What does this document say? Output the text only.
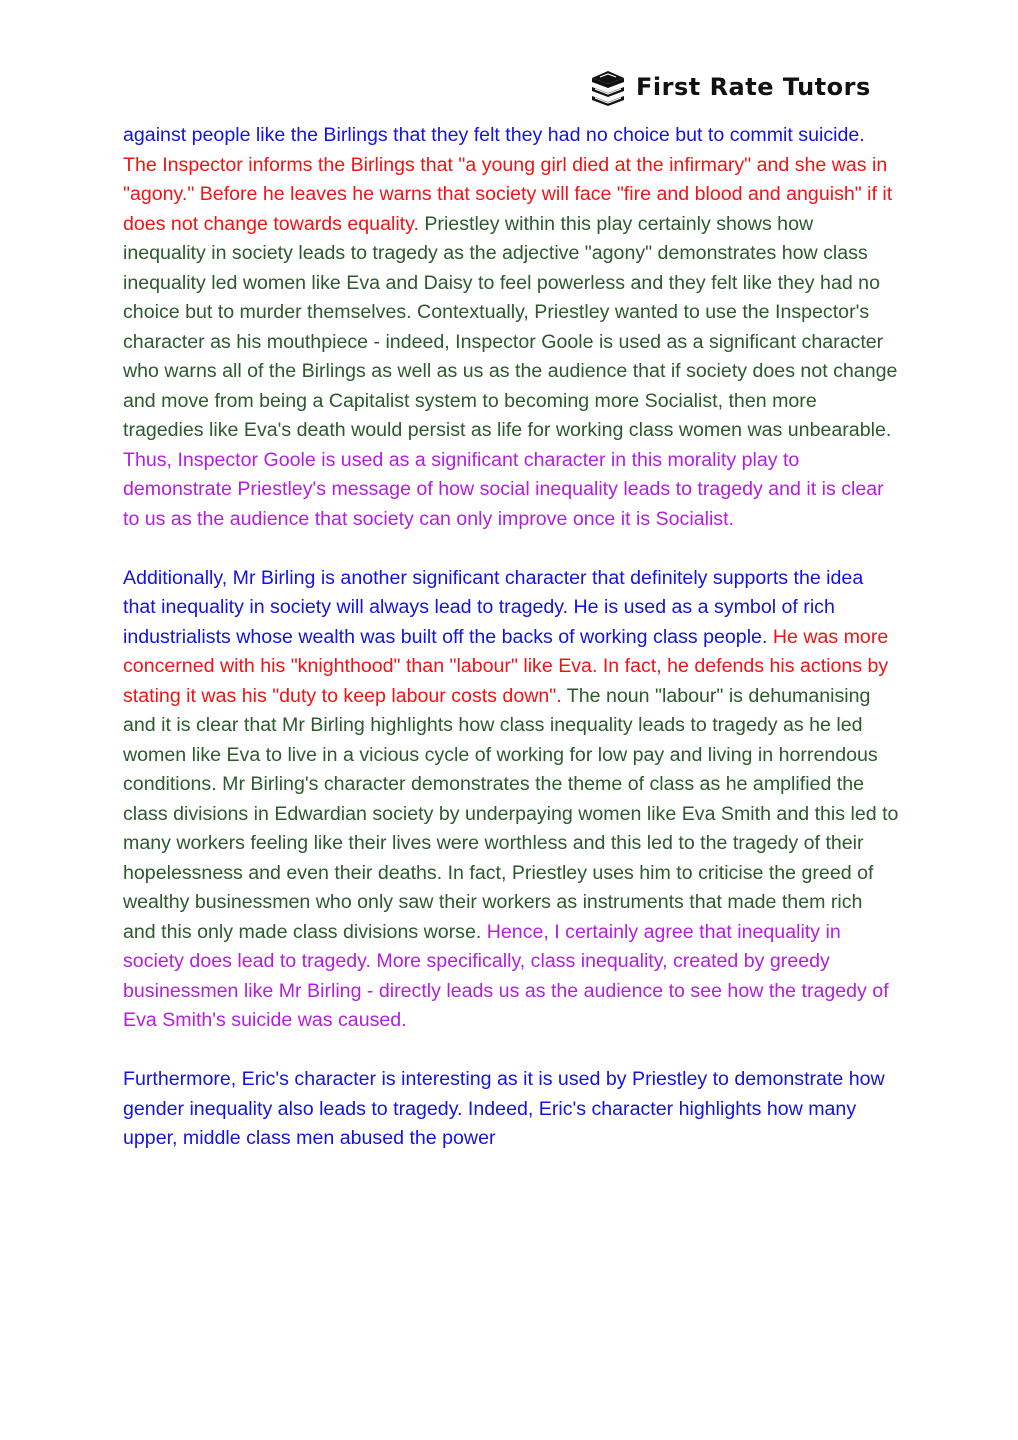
First Rate Tutors

against people like the Birlings that they felt they had no choice but to commit suicide. The Inspector informs the Birlings that "a young girl died at the infirmary" and she was in "agony." Before he leaves he warns that society will face "fire and blood and anguish" if it does not change towards equality. Priestley within this play certainly shows how inequality in society leads to tragedy as the adjective "agony" demonstrates how class inequality led women like Eva and Daisy to feel powerless and they felt like they had no choice but to murder themselves. Contextually, Priestley wanted to use the Inspector's character as his mouthpiece - indeed, Inspector Goole is used as a significant character who warns all of the Birlings as well as us as the audience that if society does not change and move from being a Capitalist system to becoming more Socialist, then more tragedies like Eva's death would persist as life for working class women was unbearable. Thus, Inspector Goole is used as a significant character in this morality play to demonstrate Priestley's message of how social inequality leads to tragedy and it is clear to us as the audience that society can only improve once it is Socialist.

Additionally, Mr Birling is another significant character that definitely supports the idea that inequality in society will always lead to tragedy. He is used as a symbol of rich industrialists whose wealth was built off the backs of working class people. He was more concerned with his "knighthood" than "labour" like Eva. In fact, he defends his actions by stating it was his "duty to keep labour costs down". The noun "labour" is dehumanising and it is clear that Mr Birling highlights how class inequality leads to tragedy as he led women like Eva to live in a vicious cycle of working for low pay and living in horrendous conditions. Mr Birling's character demonstrates the theme of class as he amplified the class divisions in Edwardian society by underpaying women like Eva Smith and this led to many workers feeling like their lives were worthless and this led to the tragedy of their hopelessness and even their deaths. In fact, Priestley uses him to criticise the greed of wealthy businessmen who only saw their workers as instruments that made them rich and this only made class divisions worse. Hence, I certainly agree that inequality in society does lead to tragedy. More specifically, class inequality, created by greedy businessmen like Mr Birling - directly leads us as the audience to see how the tragedy of Eva Smith's suicide was caused.

Furthermore, Eric's character is interesting as it is used by Priestley to demonstrate how gender inequality also leads to tragedy. Indeed, Eric's character highlights how many upper, middle class men abused the power
